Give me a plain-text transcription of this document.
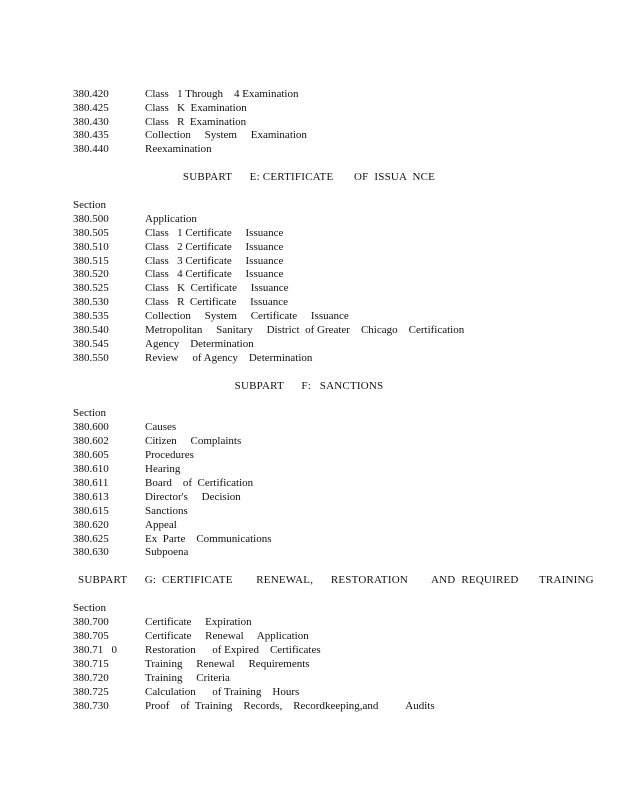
380.420	Class   1 Through    4 Examination
380.425	Class   K  Examination
380.430	Class   R  Examination
380.435	Collection     System     Examination
380.440	Reexamination
SUBPART      E: CERTIFICATE       OF  ISSUA  NCE
Section
380.500	Application
380.505	Class   1 Certificate     Issuance
380.510	Class   2 Certificate     Issuance
380.515	Class   3 Certificate     Issuance
380.520	Class   4 Certificate     Issuance
380.525	Class   K  Certificate     Issuance
380.530	Class   R  Certificate     Issuance
380.535	Collection     System     Certificate     Issuance
380.540	Metropolitan     Sanitary     District  of Greater    Chicago    Certification
380.545	Agency    Determination
380.550	Review     of Agency    Determination
SUBPART      F:   SANCTIONS
Section
380.600	Causes
380.602	Citizen     Complaints
380.605	Procedures
380.610	Hearing
380.611	Board    of  Certification
380.613	Director's     Decision
380.615	Sanctions
380.620	Appeal
380.625	Ex  Parte    Communications
380.630	Subpoena
SUBPART      G:  CERTIFICATE        RENEWAL,      RESTORATION        AND  REQUIRED       TRAINING
Section
380.700	Certificate     Expiration
380.705	Certificate     Renewal     Application
380.71   0	Restoration      of Expired    Certificates
380.715	Training     Renewal     Requirements
380.720	Training     Criteria
380.725	Calculation      of Training    Hours
380.730	Proof    of  Training    Records,    Recordkeeping,and          Audits
